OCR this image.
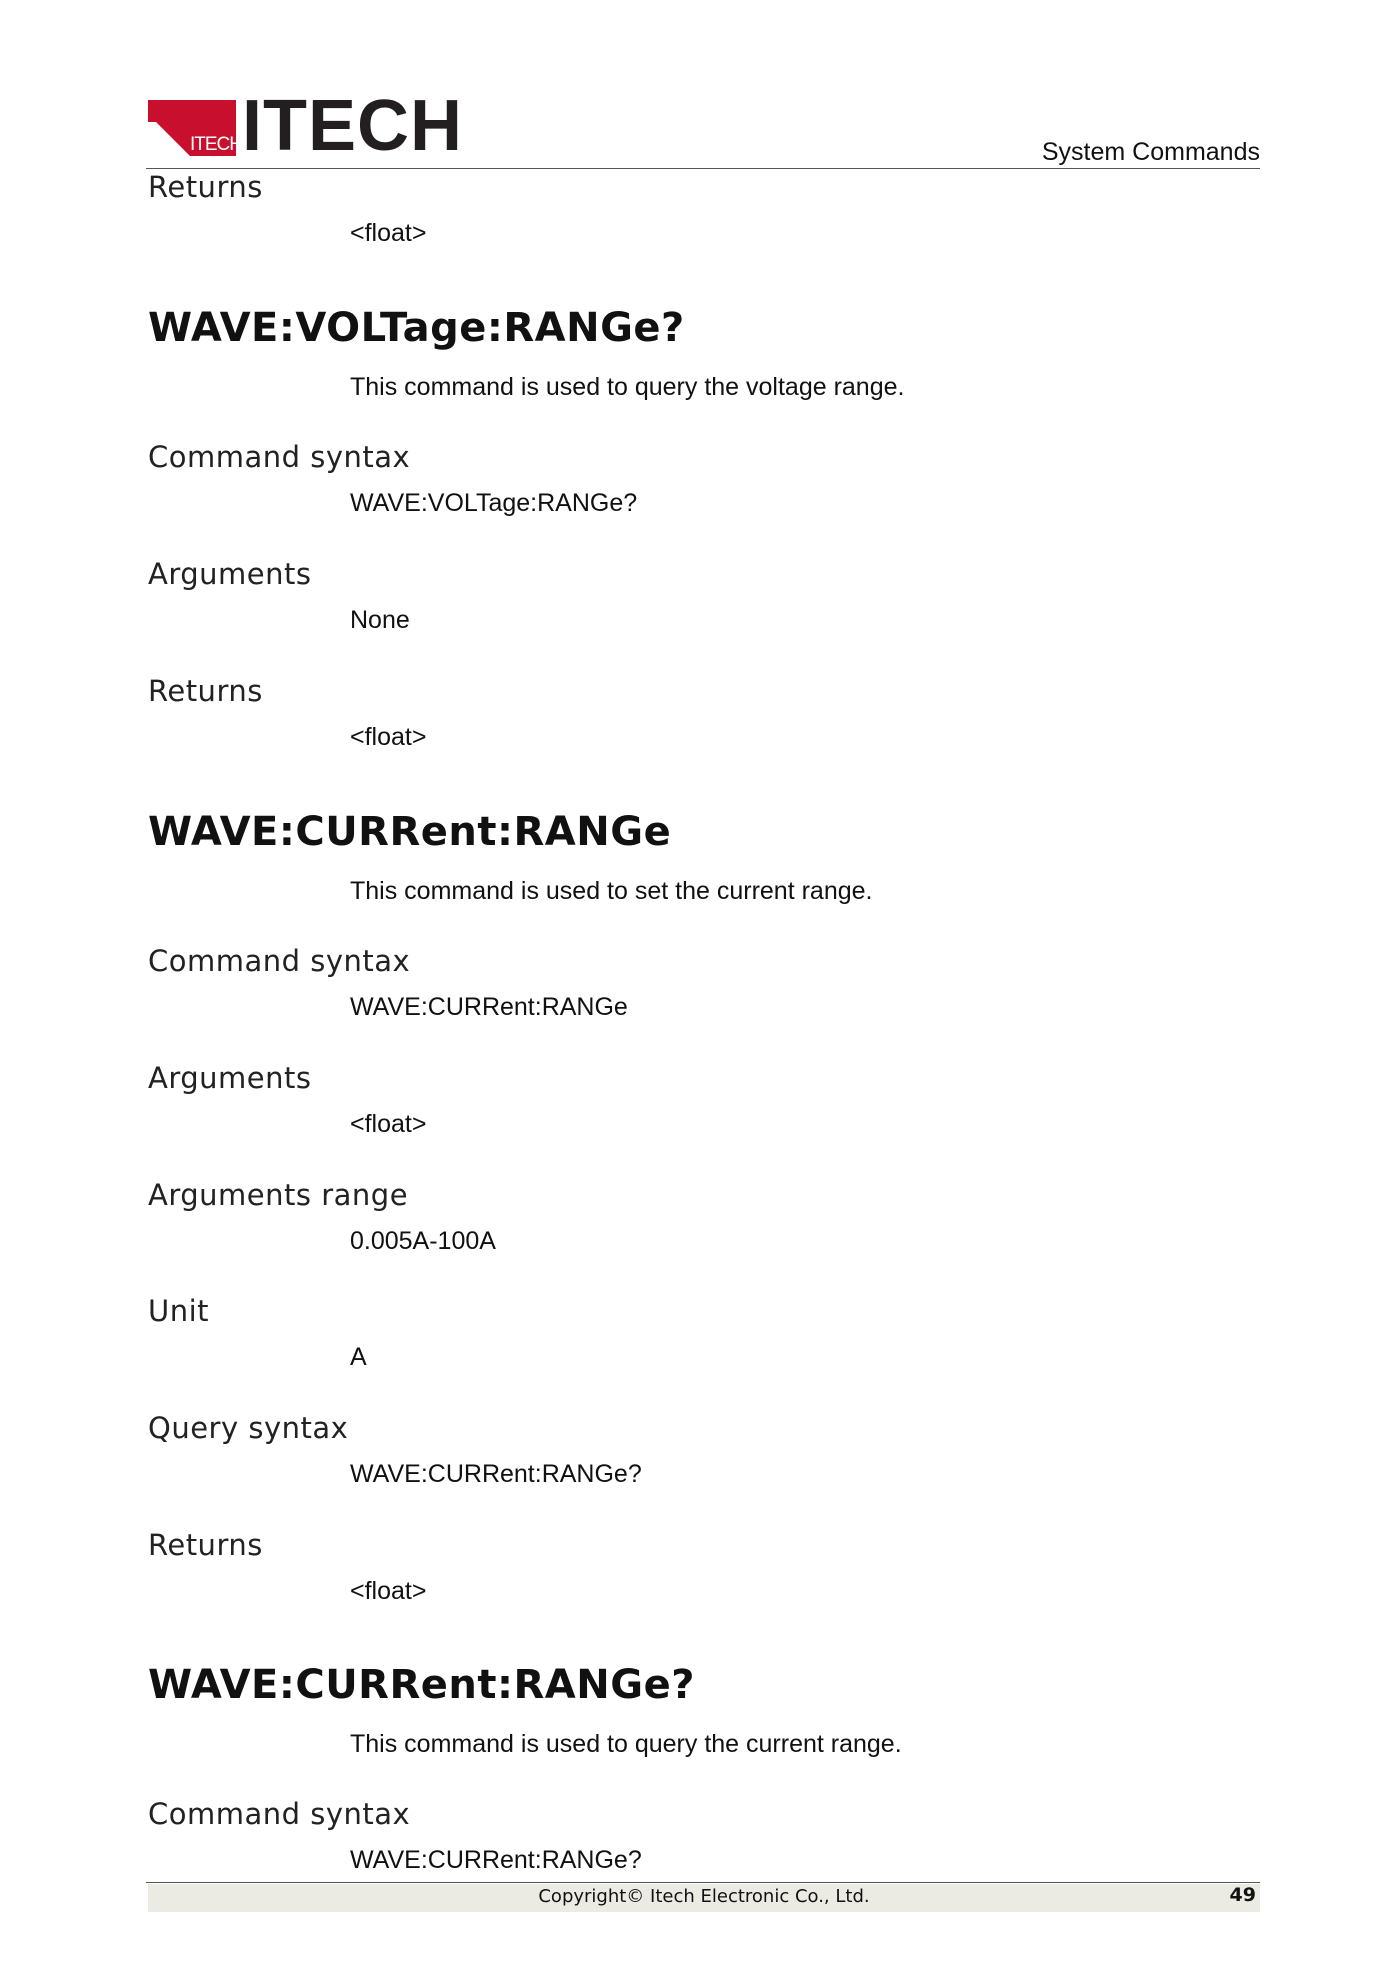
ITECH ITECH	System Commands
Returns
<float>
WAVE:VOLTage:RANGe?
This command is used to query the voltage range.
Command syntax
WAVE:VOLTage:RANGe?
Arguments
None
Returns
<float>
WAVE:CURRent:RANGe
This command is used to set the current range.
Command syntax
WAVE:CURRent:RANGe
Arguments
<float>
Arguments range
0.005A-100A
Unit
A
Query syntax
WAVE:CURRent:RANGe?
Returns
<float>
WAVE:CURRent:RANGe?
This command is used to query the current range.
Command syntax
WAVE:CURRent:RANGe?
Copyright© Itech Electronic Co., Ltd.	49
